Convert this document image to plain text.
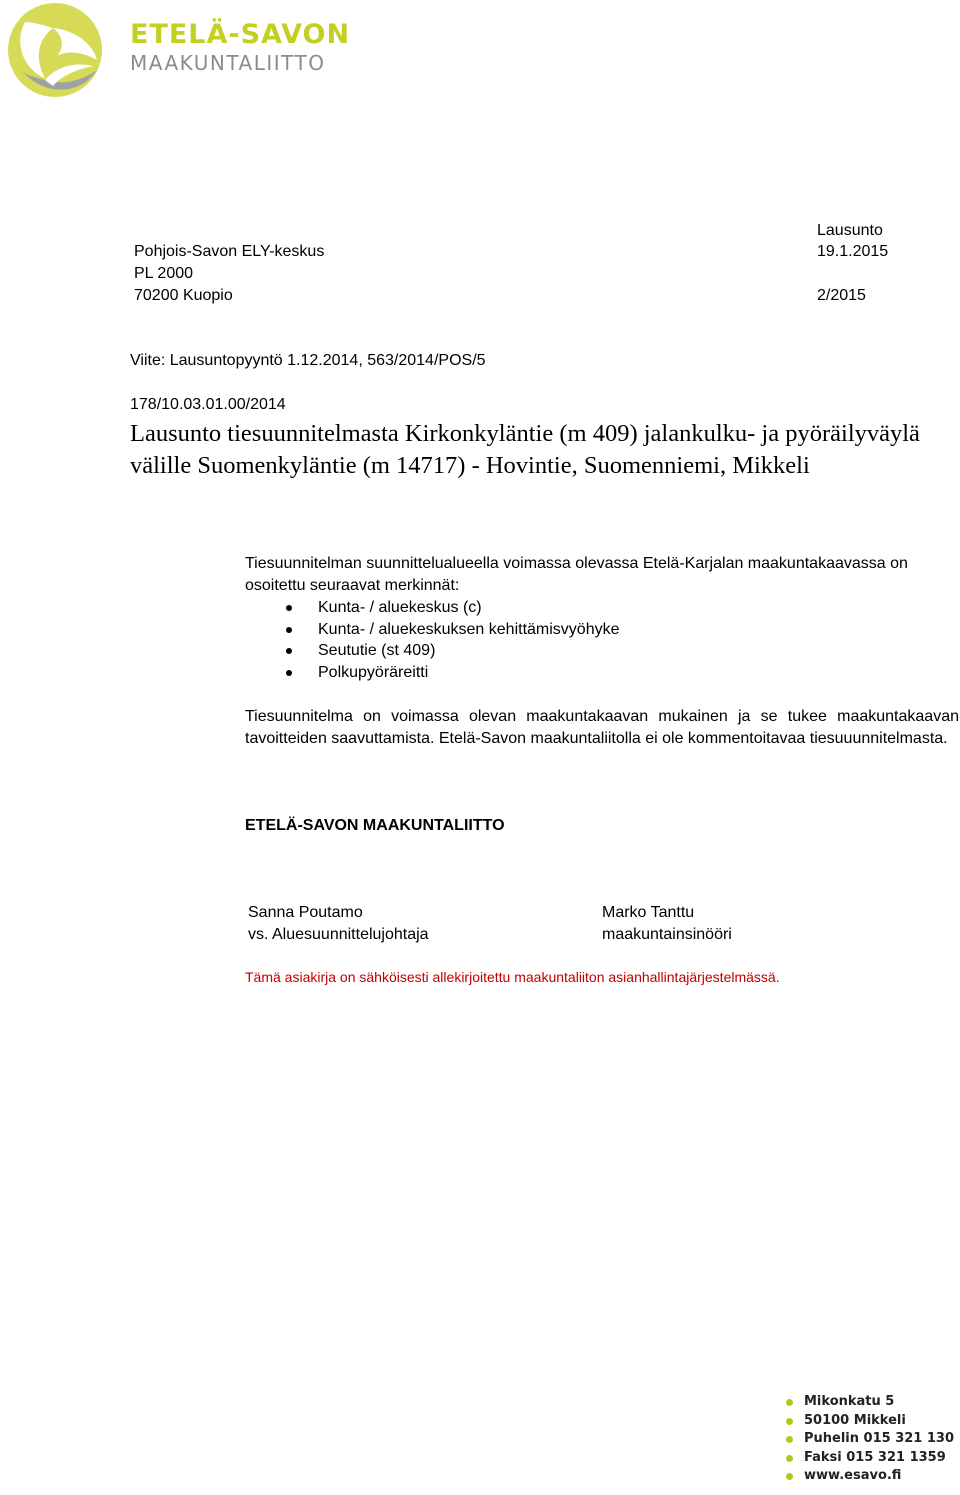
ETELÄ-SAVON
MAAKUNTALIITTO
Pohjois-Savon ELY-keskus
PL 2000
70200 Kuopio
Lausunto
19.1.2015
2/2015
Viite: Lausuntopyyntö 1.12.2014, 563/2014/POS/5
178/10.03.01.00/2014
Lausunto tiesuunnitelmasta Kirkonkyläntie (m 409) jalankulku- ja pyöräilyväylä välille Suomenkyläntie (m 14717) - Hovintie, Suomenniemi, Mikkeli
Tiesuunnitelman suunnittelualueella voimassa olevassa Etelä-Karjalan maakuntakaavassa on osoitettu seuraavat merkinnät:
Kunta- / aluekeskus (c)
Kunta- / aluekeskuksen kehittämisvyöhyke
Seututie (st 409)
Polkupyöräreitti
Tiesuunnitelma on voimassa olevan maakuntakaavan mukainen ja se tukee maakuntakaavan tavoitteiden saavuttamista. Etelä-Savon maakuntaliitolla ei ole kommentoitavaa tiesuuunnitelmasta.
ETELÄ-SAVON MAAKUNTALIITTO
Sanna Poutamo
vs. Aluesuunnittelujohtaja
Marko Tanttu
maakuntainsinööri
Tämä asiakirja on sähköisesti allekirjoitettu maakuntaliiton asianhallintajärjestelmässä.
Mikonkatu 5
50100 Mikkeli
Puhelin 015 321 130
Faksi 015 321 1359
www.esavo.fi
